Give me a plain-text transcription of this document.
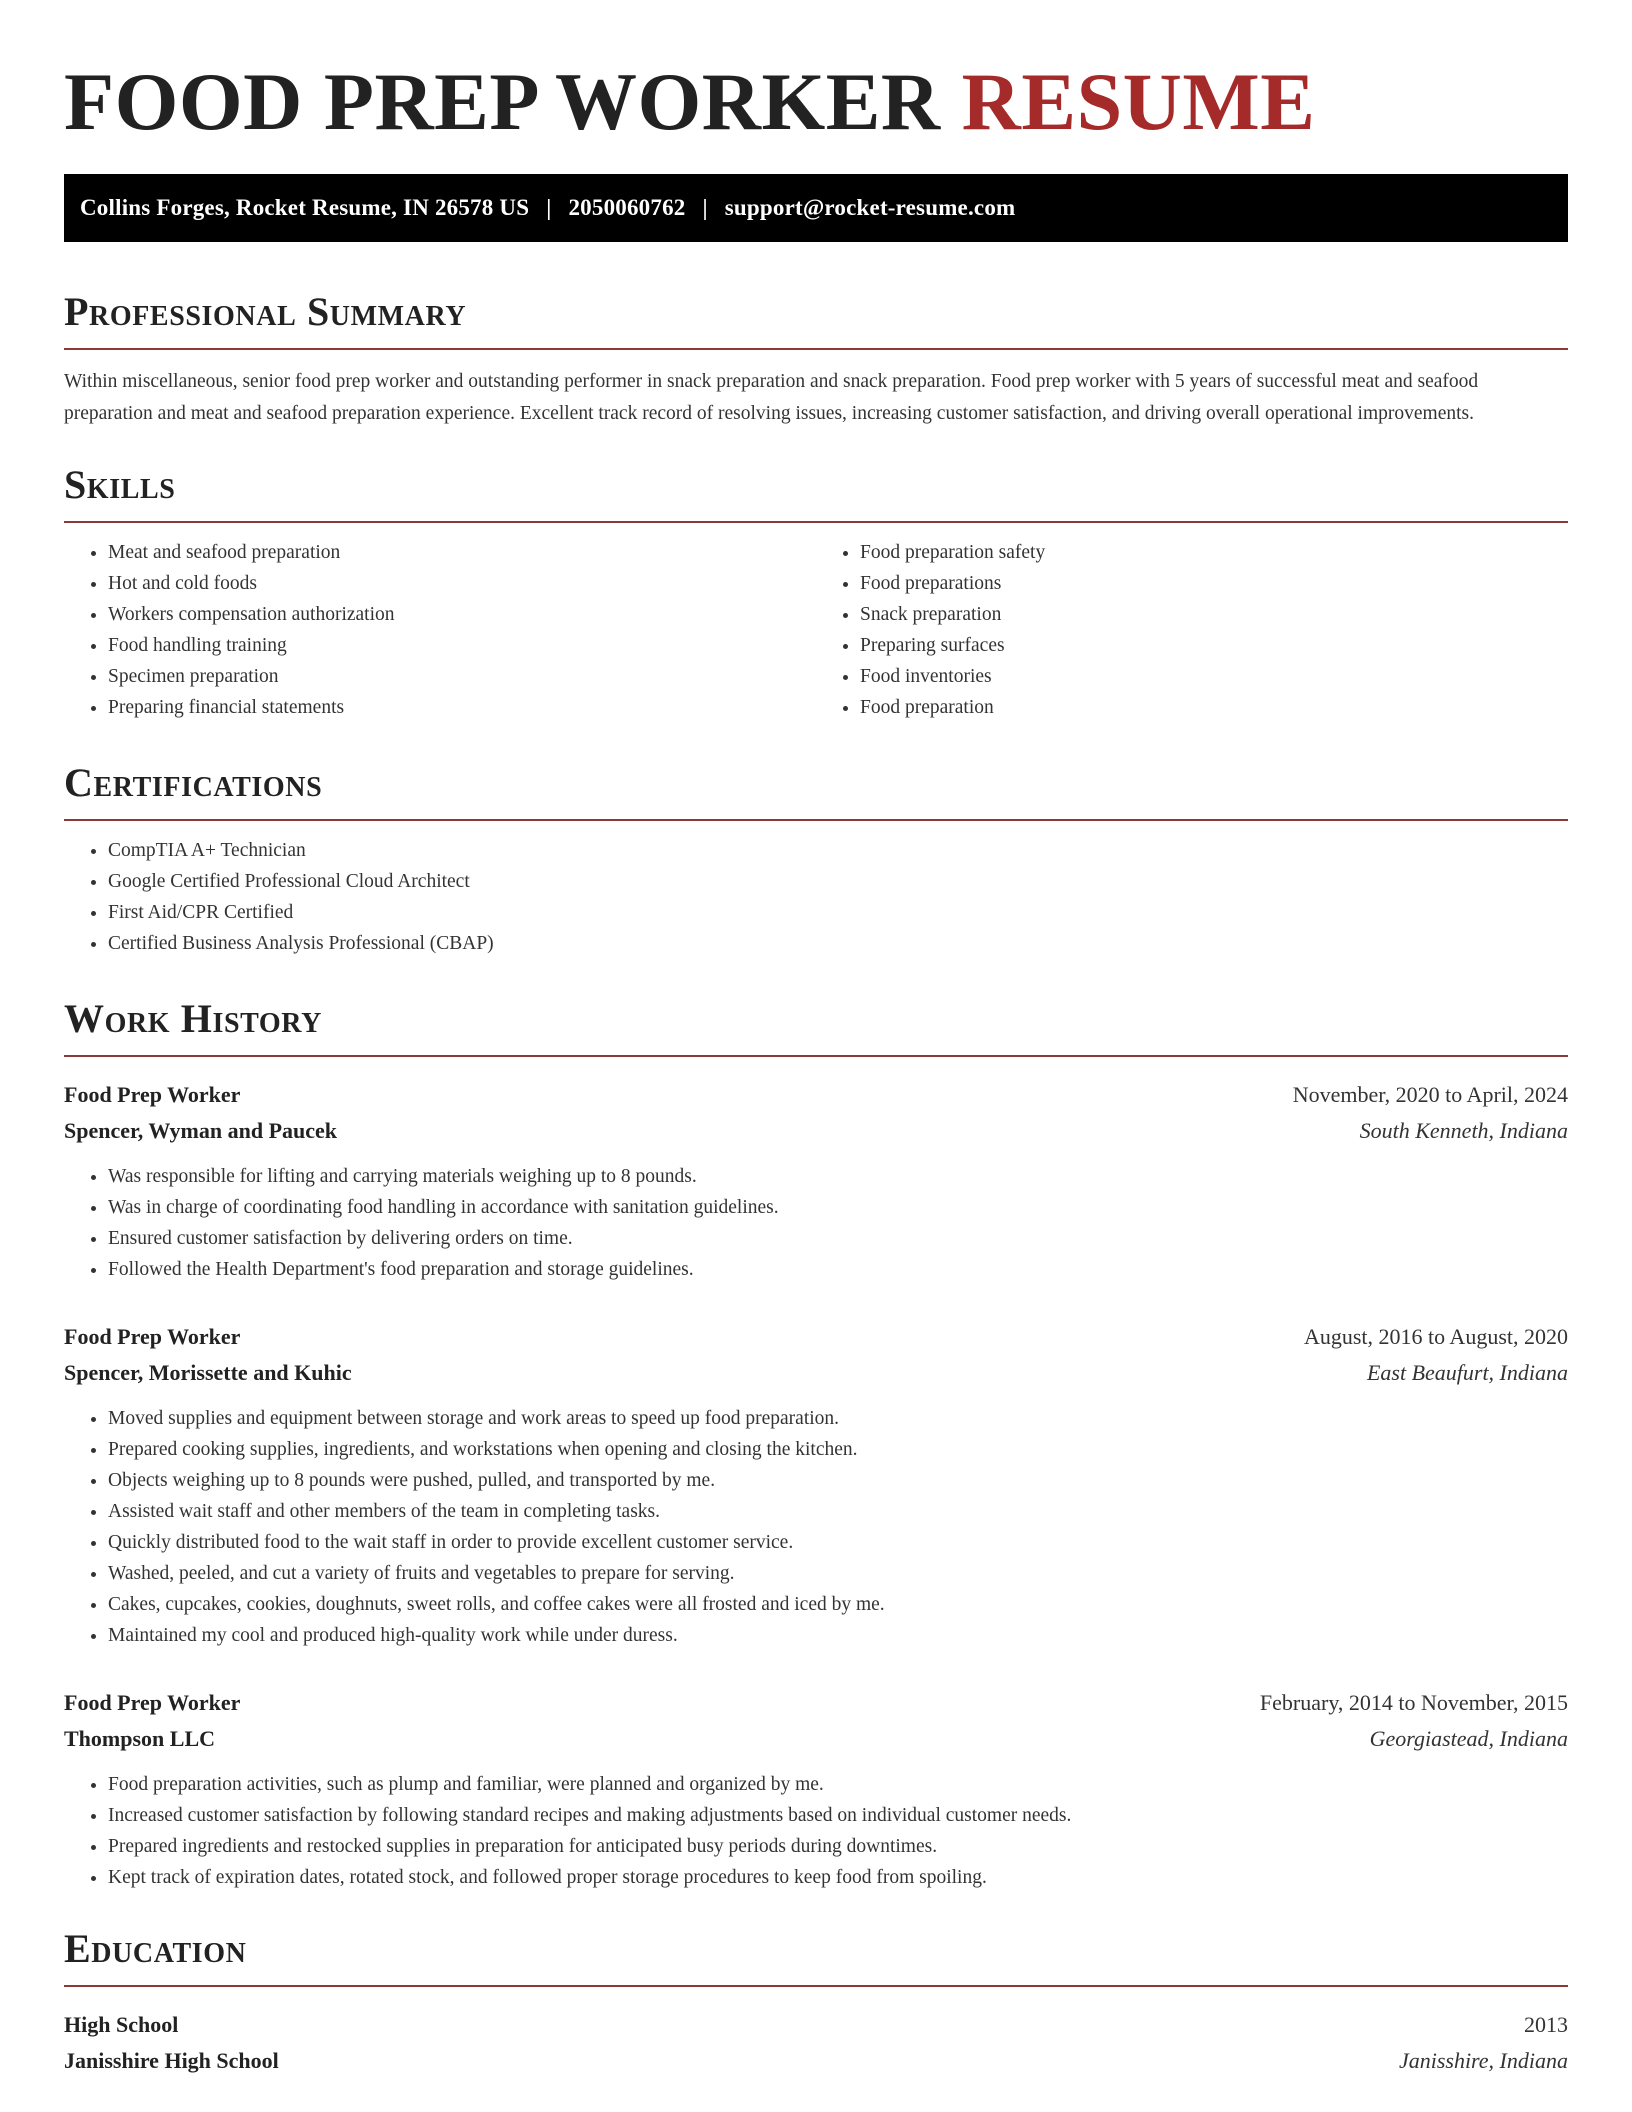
FOOD PREP WORKER RESUME
Collins Forges, Rocket Resume, IN 26578 US | 2050060762 | support@rocket-resume.com
Professional Summary

Within miscellaneous, senior food prep worker and outstanding performer in snack preparation and snack preparation. Food prep worker with 5 years of successful meat and seafood preparation and meat and seafood preparation experience. Excellent track record of resolving issues, increasing customer satisfaction, and driving overall operational improvements.

Skills
• Meat and seafood preparation
• Hot and cold foods
• Workers compensation authorization
• Food handling training
• Specimen preparation
• Preparing financial statements
• Food preparation safety
• Food preparations
• Snack preparation
• Preparing surfaces
• Food inventories
• Food preparation
Certifications
• CompTIA A+ Technician
• Google Certified Professional Cloud Architect
• First Aid/CPR Certified
• Certified Business Analysis Professional (CBAP)
Work History
Food Prep Worker	November, 2020 to April, 2024
Spencer, Wyman and Paucek	South Kenneth, Indiana
• Was responsible for lifting and carrying materials weighing up to 8 pounds.
• Was in charge of coordinating food handling in accordance with sanitation guidelines.
• Ensured customer satisfaction by delivering orders on time.
• Followed the Health Department's food preparation and storage guidelines.
Food Prep Worker	August, 2016 to August, 2020
Spencer, Morissette and Kuhic	East Beaufurt, Indiana
• Moved supplies and equipment between storage and work areas to speed up food preparation.
• Prepared cooking supplies, ingredients, and workstations when opening and closing the kitchen.
• Objects weighing up to 8 pounds were pushed, pulled, and transported by me.
• Assisted wait staff and other members of the team in completing tasks.
• Quickly distributed food to the wait staff in order to provide excellent customer service.
• Washed, peeled, and cut a variety of fruits and vegetables to prepare for serving.
• Cakes, cupcakes, cookies, doughnuts, sweet rolls, and coffee cakes were all frosted and iced by me.
• Maintained my cool and produced high-quality work while under duress.
Food Prep Worker	February, 2014 to November, 2015
Thompson LLC	Georgiastead, Indiana
• Food preparation activities, such as plump and familiar, were planned and organized by me.
• Increased customer satisfaction by following standard recipes and making adjustments based on individual customer needs.
• Prepared ingredients and restocked supplies in preparation for anticipated busy periods during downtimes.
• Kept track of expiration dates, rotated stock, and followed proper storage procedures to keep food from spoiling.
Education
High School	2013
Janisshire High School	Janisshire, Indiana
